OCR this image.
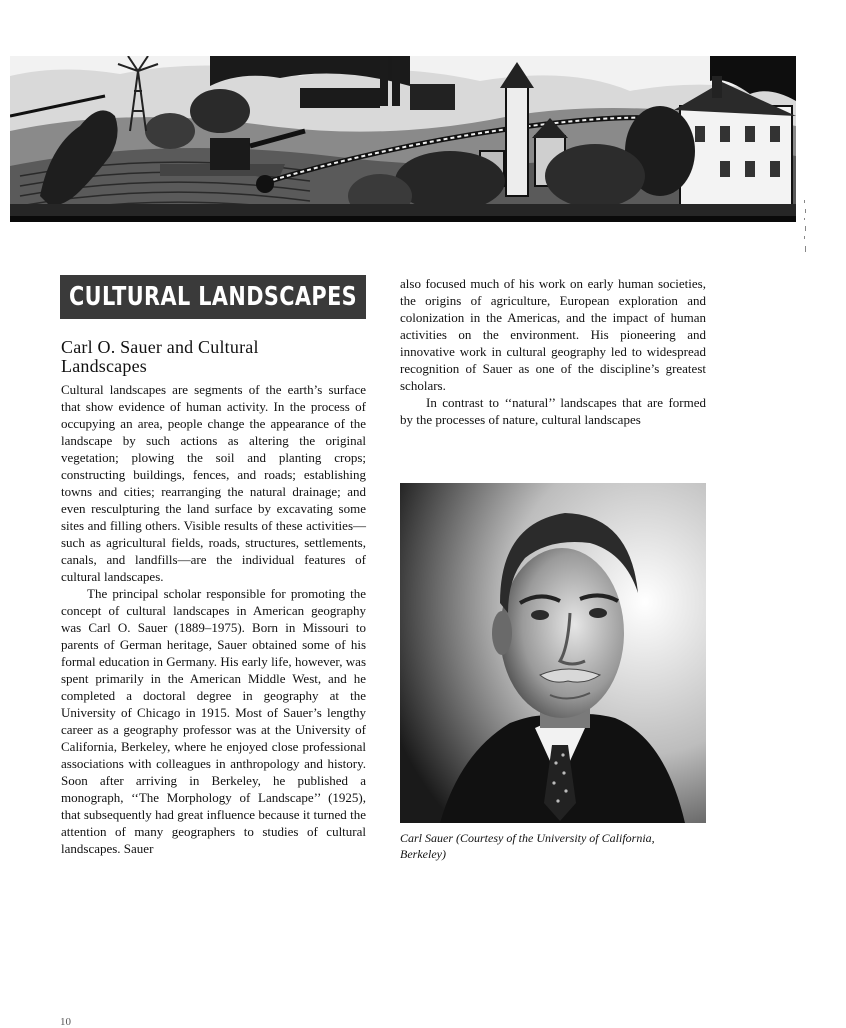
CULTURAL LANDSCAPES
Carl O. Sauer and Cultural
Landscapes

Cultural landscapes are segments of the earth’s surface that show evidence of human activity. In the process of occupying an area, people change the appearance of the landscape by such actions as altering the original vegetation; plowing the soil and planting crops; constructing buildings, fences, and roads; establishing towns and cities; rearranging the natural drainage; and even resculpturing the land surface by excavating some sites and filling others. Visible results of these activities—such as agricultural fields, roads, structures, settlements, canals, and landfills—are the individual features of cultural landscapes.

The principal scholar responsible for promoting the concept of cultural landscapes in American geography was Carl O. Sauer (1889–1975). Born in Missouri to parents of German heritage, Sauer obtained some of his formal education in Germany. His early life, however, was spent primarily in the American Middle West, and he completed a doctoral degree in geography at the University of Chicago in 1915. Most of Sauer’s lengthy career as a geography professor was at the University of California, Berkeley, where he enjoyed close professional associations with colleagues in anthropology and history. Soon after arriving in Berkeley, he published a monograph, ‘‘The Morphology of Landscape’’ (1925), that subsequently had great influence because it turned the attention of many geographers to studies of cultural landscapes. Sauer

also focused much of his work on early human societies, the origins of agriculture, European exploration and colonization in the Americas, and the impact of human activities on the environment. His pioneering and innovative work in cultural geography led to widespread recognition of Sauer as one of the discipline’s greatest scholars.

In contrast to ‘‘natural’’ landscapes that are formed by the processes of nature, cultural landscapes

Carl Sauer (Courtesy of the University of California,
Berkeley)
10
